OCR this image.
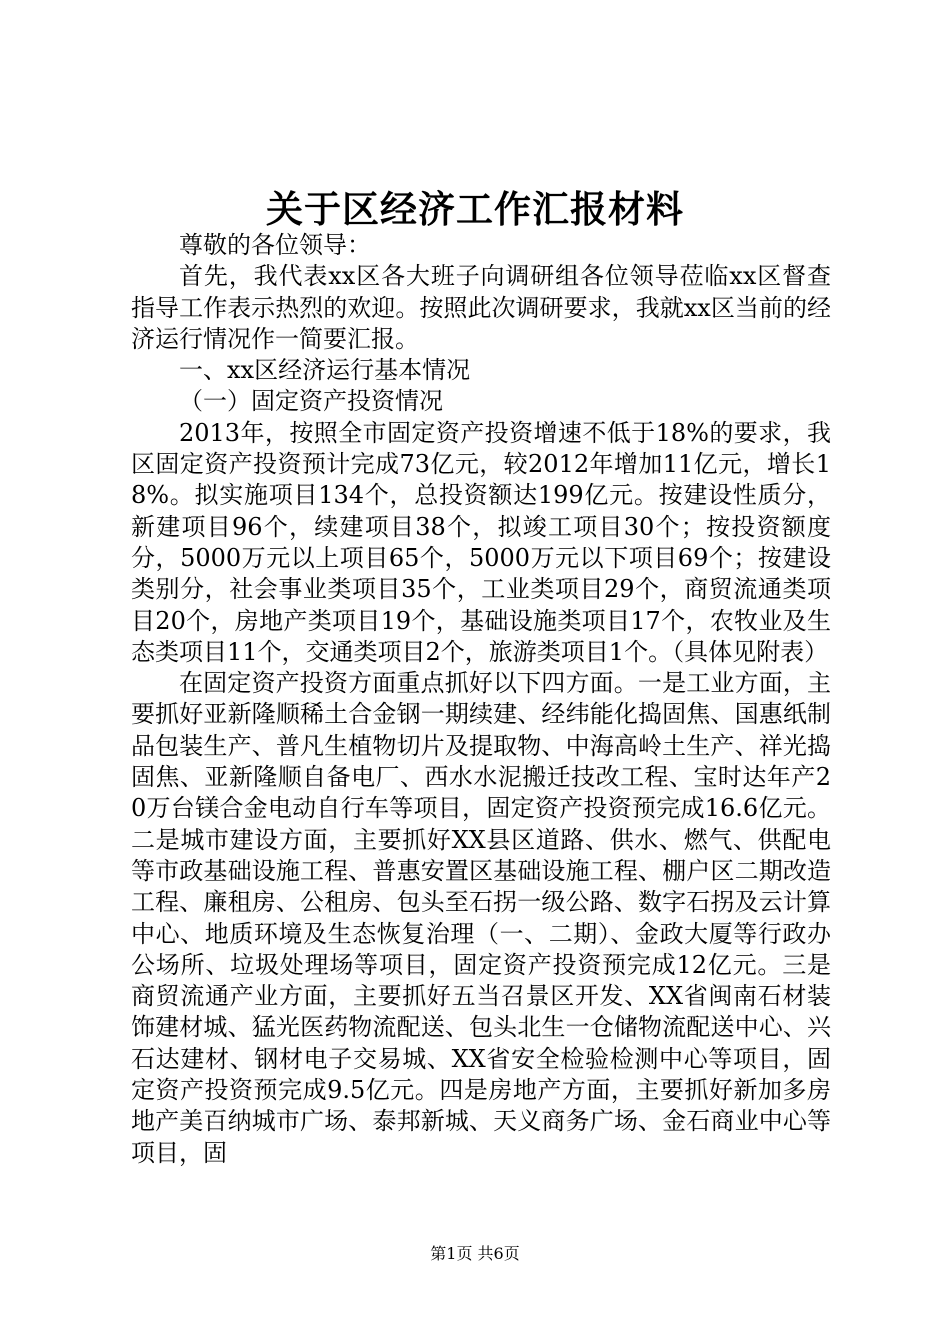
关于区经济工作汇报材料

尊敬的各位领导：

首先，我代表xx区各大班子向调研组各位领导莅临xx区督查指导工作表示热烈的欢迎。按照此次调研要求，我就xx区当前的经济运行情况作一简要汇报。

一、xx区经济运行基本情况

（一）固定资产投资情况

2013年，按照全市固定资产投资增速不低于18%的要求，我区固定资产投资预计完成73亿元，较2012年增加11亿元，增长18%。拟实施项目134个，总投资额达199亿元。按建设性质分，新建项目96个，续建项目38个，拟竣工项目30个；按投资额度分，5000万元以上项目65个，5000万元以下项目69个；按建设类别分，社会事业类项目35个，工业类项目29个，商贸流通类项目20个，房地产类项目19个，基础设施类项目17个，农牧业及生态类项目11个，交通类项目2个，旅游类项目1个。（具体见附表）

在固定资产投资方面重点抓好以下四方面。一是工业方面，主要抓好亚新隆顺稀土合金钢一期续建、经纬能化捣固焦、国惠纸制品包装生产、普凡生植物切片及提取物、中海高岭土生产、祥光捣固焦、亚新隆顺自备电厂、西水水泥搬迁技改工程、宝时达年产20万台镁合金电动自行车等项目，固定资产投资预完成16.6亿元。二是城市建设方面，主要抓好XX县区道路、供水、燃气、供配电等市政基础设施工程、普惠安置区基础设施工程、棚户区二期改造工程、廉租房、公租房、包头至石拐一级公路、数字石拐及云计算中心、地质环境及生态恢复治理（一、二期）、金政大厦等行政办公场所、垃圾处理场等项目，固定资产投资预完成12亿元。三是商贸流通产业方面，主要抓好五当召景区开发、XX省闽南石材装饰建材城、猛光医药物流配送、包头北生一仓储物流配送中心、兴石达建材、钢材电子交易城、XX省安全检验检测中心等项目，固定资产投资预完成9.5亿元。四是房地产方面，主要抓好新加多房地产美百纳城市广场、泰邦新城、天义商务广场、金石商业中心等项目，固

第1页 共6页
